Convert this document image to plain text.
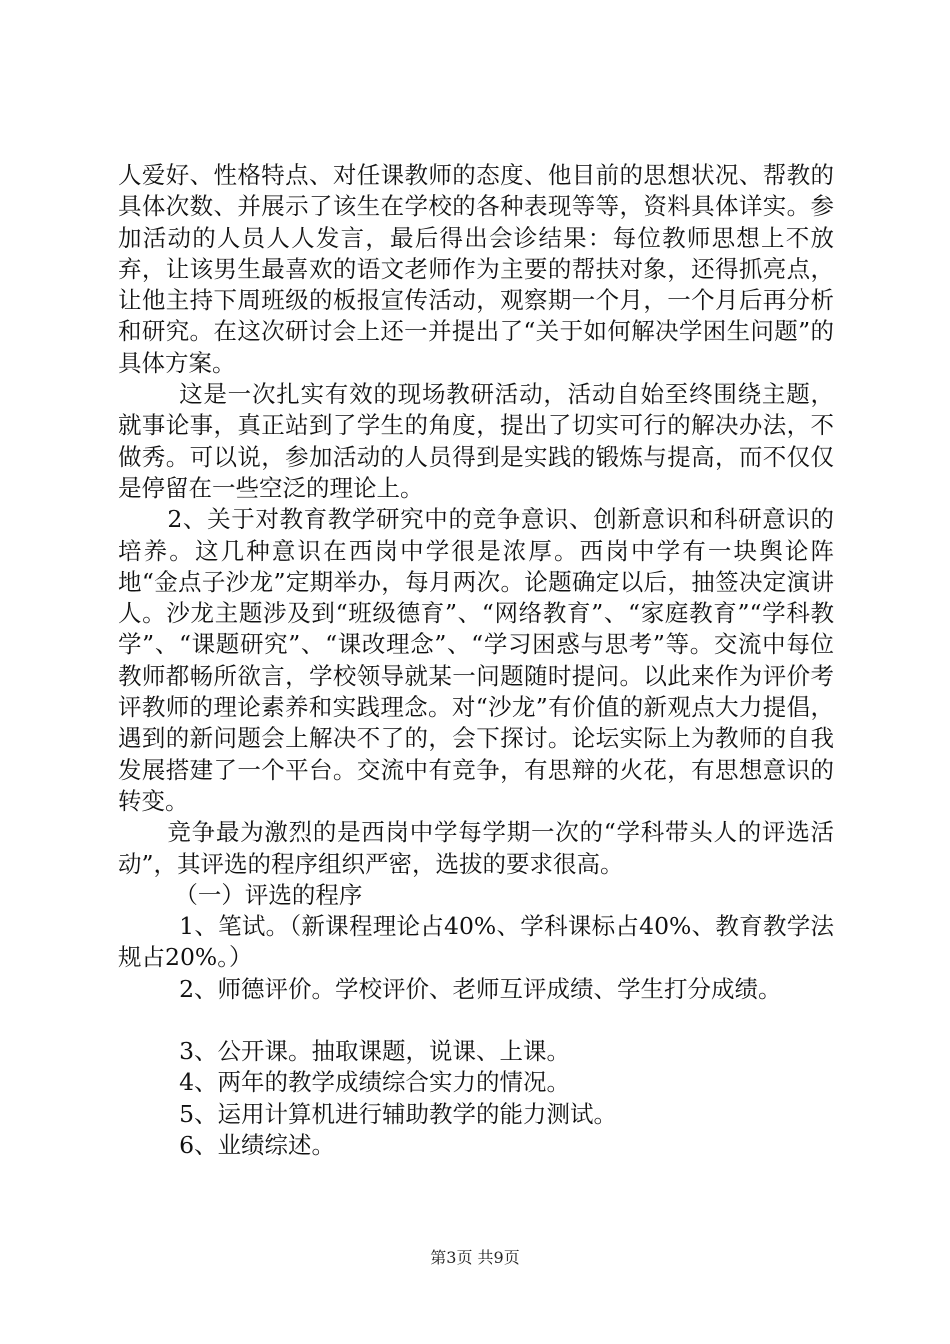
人爱好、性格特点、对任课教师的态度、他目前的思想状况、帮教的具体次数、并展示了该生在学校的各种表现等等，资料具体详实。参加活动的人员人人发言，最后得出会诊结果：每位教师思想上不放弃，让该男生最喜欢的语文老师作为主要的帮扶对象，还得抓亮点，让他主持下周班级的板报宣传活动，观察期一个月，一个月后再分析和研究。在这次研讨会上还一并提出了“关于如何解决学困生问题”的具体方案。

这是一次扎实有效的现场教研活动，活动自始至终围绕主题，就事论事，真正站到了学生的角度，提出了切实可行的解决办法，不做秀。可以说，参加活动的人员得到是实践的锻炼与提高，而不仅仅是停留在一些空泛的理论上。

2、关于对教育教学研究中的竞争意识、创新意识和科研意识的培养。这几种意识在西岗中学很是浓厚。西岗中学有一块舆论阵地“金点子沙龙”定期举办，每月两次。论题确定以后，抽签决定演讲人。沙龙主题涉及到“班级德育”、“网络教育”、“家庭教育”“学科教学”、“课题研究”、“课改理念”、“学习困惑与思考”等。交流中每位教师都畅所欲言，学校领导就某一问题随时提问。以此来作为评价考评教师的理论素养和实践理念。对“沙龙”有价值的新观点大力提倡，遇到的新问题会上解决不了的，会下探讨。论坛实际上为教师的自我发展搭建了一个平台。交流中有竞争，有思辩的火花，有思想意识的转变。

竞争最为激烈的是西岗中学每学期一次的“学科带头人的评选活动”，其评选的程序组织严密，选拔的要求很高。

（一）评选的程序

1、笔试。（新课程理论占40%、学科课标占40%、教育教学法规占20%。）

2、师德评价。学校评价、老师互评成绩、学生打分成绩。

3、公开课。抽取课题，说课、上课。

4、两年的教学成绩综合实力的情况。

5、运用计算机进行辅助教学的能力测试。

6、业绩综述。

第3页 共9页
